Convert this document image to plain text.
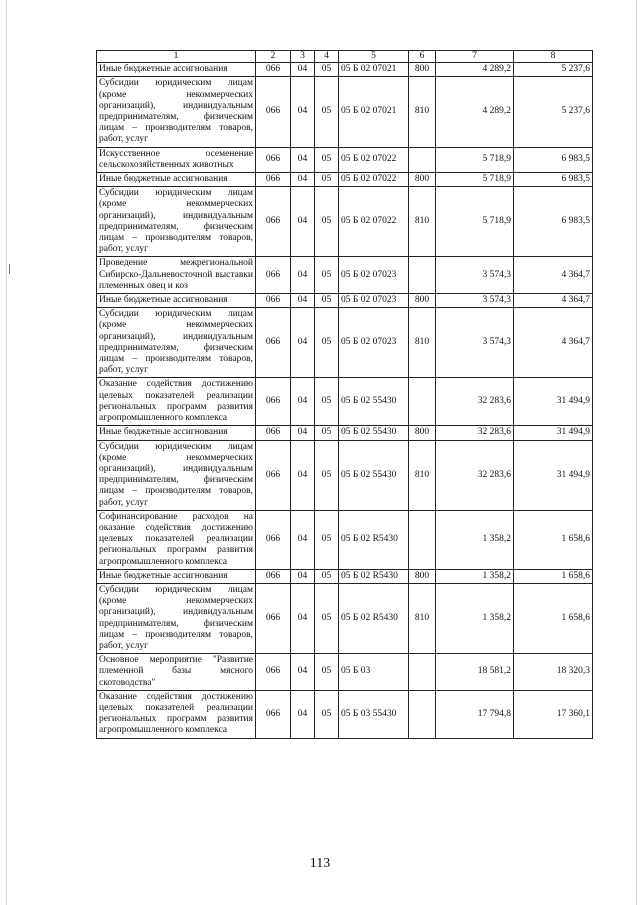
1	2	3	4	5	6	7	8
Иные бюджетные ассигнования	066	04	05	05 Б 02 07021	800	4 289,2	5 237,6
Субсидии юридическим лицам (кроме некоммерческих организаций), индивидуальным предпринимателям, физическим лицам – производителям товаров, работ, услуг	066	04	05	05 Б 02 07021	810	4 289,2	5 237,6
Искусственное осеменение сельскохозяйственных животных	066	04	05	05 Б 02 07022		5 718,9	6 983,5
Иные бюджетные ассигнования	066	04	05	05 Б 02 07022	800	5 718,9	6 983,5
Субсидии юридическим лицам (кроме некоммерческих организаций), индивидуальным предпринимателям, физическим лицам – производителям товаров, работ, услуг	066	04	05	05 Б 02 07022	810	5 718,9	6 983,5
Проведение межрегиональной Сибирско-Дальневосточной выставки племенных овец и коз	066	04	05	05 Б 02 07023		3 574,3	4 364,7
Иные бюджетные ассигнования	066	04	05	05 Б 02 07023	800	3 574,3	4 364,7
Субсидии юридическим лицам (кроме некоммерческих организаций), индивидуальным предпринимателям, физическим лицам – производителям товаров, работ, услуг	066	04	05	05 Б 02 07023	810	3 574,3	4 364,7
Оказание содействия достижению целевых показателей реализации региональных программ развития агропромышленного комплекса	066	04	05	05 Б 02 55430		32 283,6	31 494,9
Иные бюджетные ассигнования	066	04	05	05 Б 02 55430	800	32 283,6	31 494,9
Субсидии юридическим лицам (кроме некоммерческих организаций), индивидуальным предпринимателям, физическим лицам – производителям товаров, работ, услуг	066	04	05	05 Б 02 55430	810	32 283,6	31 494,9
Софинансирование расходов на оказание содействия достижению целевых показателей реализации региональных программ развития агропромышленного комплекса	066	04	05	05 Б 02 R5430		1 358,2	1 658,6
Иные бюджетные ассигнования	066	04	05	05 Б 02 R5430	800	1 358,2	1 658,6
Субсидии юридическим лицам (кроме некоммерческих организаций), индивидуальным предпринимателям, физическим лицам – производителям товаров, работ, услуг	066	04	05	05 Б 02 R5430	810	1 358,2	1 658,6
Основное мероприятие "Развитие племенной базы мясного скотоводства"	066	04	05	05 Б 03		18 581,2	18 320,3
Оказание содействия достижению целевых показателей реализации региональных программ развития агропромышленного комплекса	066	04	05	05 Б 03 55430		17 794,8	17 360,1
113
